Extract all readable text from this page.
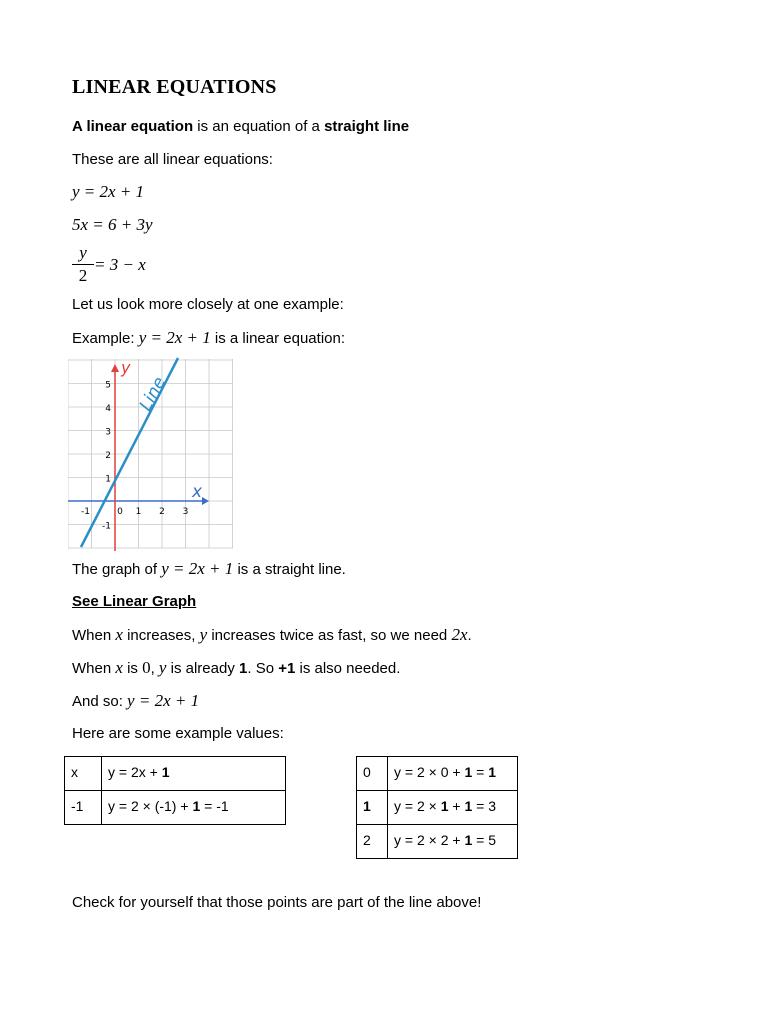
LINEAR EQUATIONS
A linear equation is an equation of a straight line
These are all linear equations:
y = 2x + 1
5x = 6 + 3y
$\frac{y}{2} = 3 - x$
Let us look more closely at one example:
Example: y = 2x + 1 is a linear equation:
-1	0 1 2 3
5
4
3
2
1
-1
y
x
Line
The graph of y = 2x + 1 is a straight line.
See Linear Graph
When x increases, y increases twice as fast, so we need 2x.
When x is 0, y is already 1. So +1 is also needed.
And so: y = 2x + 1
Here are some example values:
x	y = 2x + 1
-1	y = 2 × (-1) + 1 = -1
0	y = 2 × 0 + 1 = 1
1	y = 2 × 1 + 1 = 3
2	y = 2 × 2 + 1 = 5
Check for yourself that those points are part of the line above!
